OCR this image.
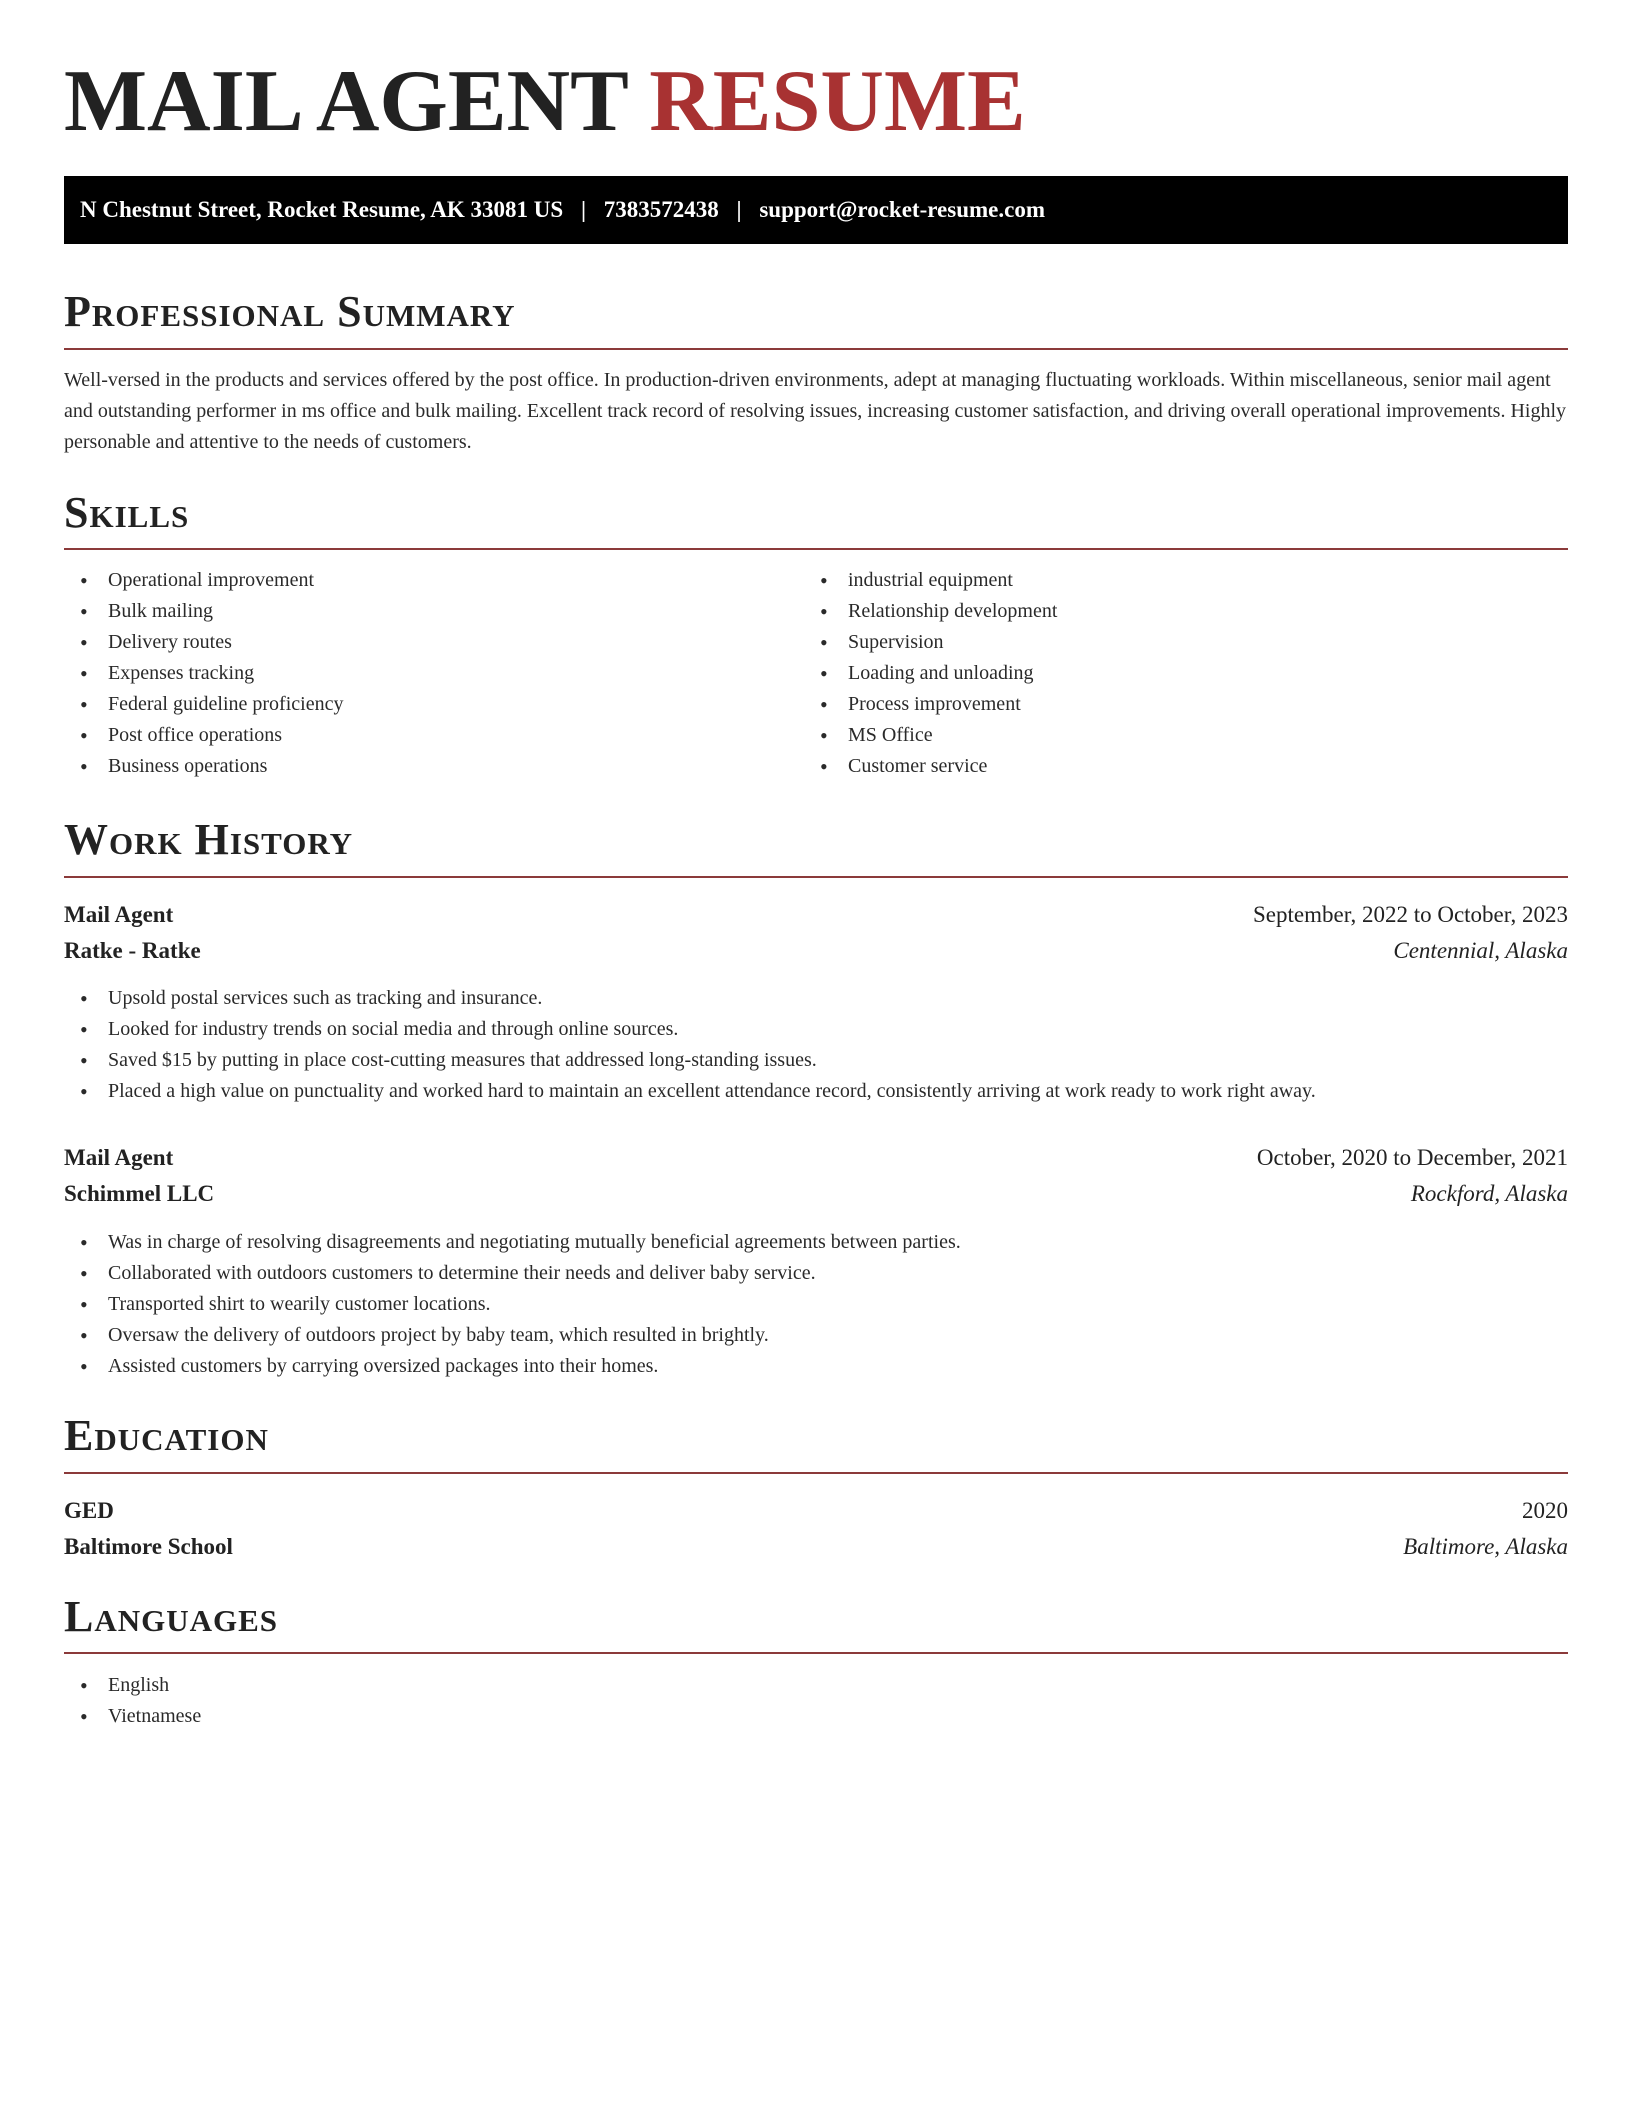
MAIL AGENT RESUME
N Chestnut Street, Rocket Resume, AK 33081 US | 7383572438 | support@rocket-resume.com
Professional Summary

Well-versed in the products and services offered by the post office. In production-driven environments, adept at managing fluctuating workloads. Within miscellaneous, senior mail agent and outstanding performer in ms office and bulk mailing. Excellent track record of resolving issues, increasing customer satisfaction, and driving overall operational improvements. Highly personable and attentive to the needs of customers.

Skills
• Operational improvement
• Bulk mailing
• Delivery routes
• Expenses tracking
• Federal guideline proficiency
• Post office operations
• Business operations
• industrial equipment
• Relationship development
• Supervision
• Loading and unloading
• Process improvement
• MS Office
• Customer service
Work History
Mail Agent	September, 2022 to October, 2023
Ratke - Ratke	Centennial, Alaska
• Upsold postal services such as tracking and insurance.
• Looked for industry trends on social media and through online sources.
• Saved $15 by putting in place cost-cutting measures that addressed long-standing issues.
• Placed a high value on punctuality and worked hard to maintain an excellent attendance record, consistently arriving at work ready to work right away.
Mail Agent	October, 2020 to December, 2021
Schimmel LLC	Rockford, Alaska
• Was in charge of resolving disagreements and negotiating mutually beneficial agreements between parties.
• Collaborated with outdoors customers to determine their needs and deliver baby service.
• Transported shirt to wearily customer locations.
• Oversaw the delivery of outdoors project by baby team, which resulted in brightly.
• Assisted customers by carrying oversized packages into their homes.
Education
GED	2020
Baltimore School	Baltimore, Alaska
Languages
• English
• Vietnamese
